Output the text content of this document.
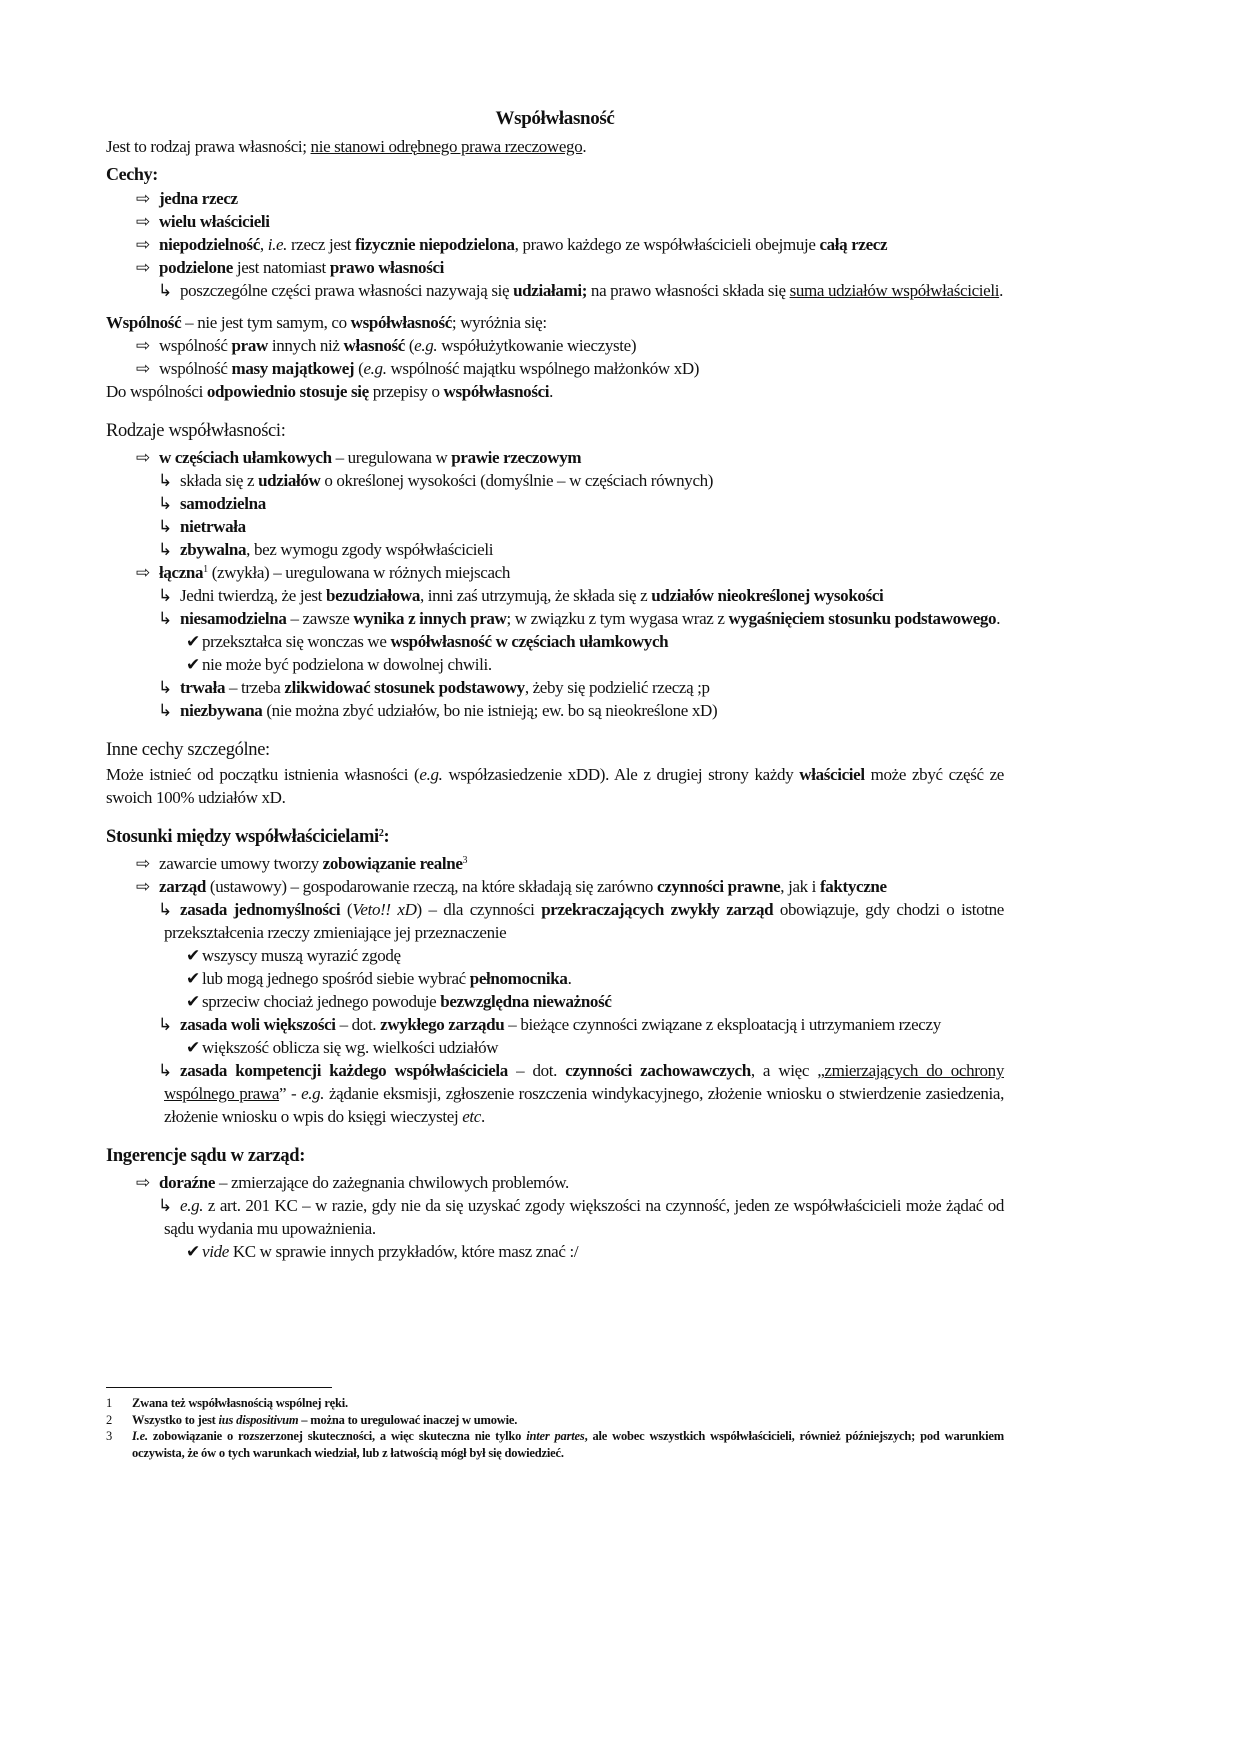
Współwłasność
Jest to rodzaj prawa własności; nie stanowi odrębnego prawa rzeczowego.
Cechy:
⇨ jedna rzecz
⇨ wielu właścicieli
⇨ niepodzielność, i.e. rzecz jest fizycznie niepodzielona, prawo każdego ze współwłaścicieli obejmuje całą rzecz
⇨ podzielone jest natomiast prawo własności
↳ poszczególne części prawa własności nazywają się udziałami; na prawo własności składa się suma udziałów współwłaścicieli.
Wspólność – nie jest tym samym, co współwłasność; wyróżnia się:
⇨ wspólność praw innych niż własność (e.g. współużytkowanie wieczyste)
⇨ wspólność masy majątkowej (e.g. wspólność majątku wspólnego małżonków xD)
Do wspólności odpowiednio stosuje się przepisy o współwłasności.
Rodzaje współwłasności:
⇨ w częściach ułamkowych – uregulowana w prawie rzeczowym
↳ składa się z udziałów o określonej wysokości (domyślnie – w częściach równych)
↳ samodzielna
↳ nietrwała
↳ zbywalna, bez wymogu zgody współwłaścicieli
⇨ łączna$^1$ (zwykła) – uregulowana w różnych miejscach
↳ Jedni twierdzą, że jest bezudziałowa, inni zaś utrzymują, że składa się z udziałów nieokreślonej wysokości
↳ niesamodzielna – zawsze wynika z innych praw; w związku z tym wygasa wraz z wygaśnięciem stosunku podstawowego.
✔ przekształca się wonczas we współwłasność w częściach ułamkowych
✔ nie może być podzielona w dowolnej chwili.
↳ trwała – trzeba zlikwidować stosunek podstawowy, żeby się podzielić rzeczą ;p
↳ niezbywana (nie można zbyć udziałów, bo nie istnieją; ew. bo są nieokreślone xD)
Inne cechy szczególne:
Może istnieć od początku istnienia własności (e.g. współzasiedzenie xDD). Ale z drugiej strony każdy właściciel może zbyć część ze swoich 100% udziałów xD.
Stosunki między współwłaścicielami$^2$:
⇨ zawarcie umowy tworzy zobowiązanie realne$^3$
⇨ zarząd (ustawowy) – gospodarowanie rzeczą, na które składają się zarówno czynności prawne, jak i faktyczne
↳ zasada jednomyślności (Veto!! xD) – dla czynności przekraczających zwykły zarząd obowiązuje, gdy chodzi o istotne przekształcenia rzeczy zmieniające jej przeznaczenie
✔ wszyscy muszą wyrazić zgodę
✔ lub mogą jednego spośród siebie wybrać pełnomocnika.
✔ sprzeciw chociaż jednego powoduje bezwzględna nieważność
↳ zasada woli większości – dot. zwykłego zarządu – bieżące czynności związane z eksploatacją i utrzymaniem rzeczy
✔ większość oblicza się wg. wielkości udziałów
↳ zasada kompetencji każdego współwłaściciela – dot. czynności zachowawczych, a więc „zmierzających do ochrony wspólnego prawa” - e.g. żądanie eksmisji, zgłoszenie roszczenia windykacyjnego, złożenie wniosku o stwierdzenie zasiedzenia, złożenie wniosku o wpis do księgi wieczystej etc.
Ingerencje sądu w zarząd:
⇨ doraźne – zmierzające do zażegnania chwilowych problemów.
↳ e.g. z art. 201 KC – w razie, gdy nie da się uzyskać zgody większości na czynność, jeden ze współwłaścicieli może żądać od sądu wydania mu upoważnienia.
✔ vide KC w sprawie innych przykładów, które masz znać :/
1 Zwana też współwłasnością wspólnej ręki.
2 Wszystko to jest ius dispositivum – można to uregulować inaczej w umowie.
3 I.e. zobowiązanie o rozszerzonej skuteczności, a więc skuteczna nie tylko inter partes, ale wobec wszystkich współwłaścicieli, również późniejszych; pod warunkiem oczywista, że ów o tych warunkach wiedział, lub z łatwością mógł był się dowiedzieć.
